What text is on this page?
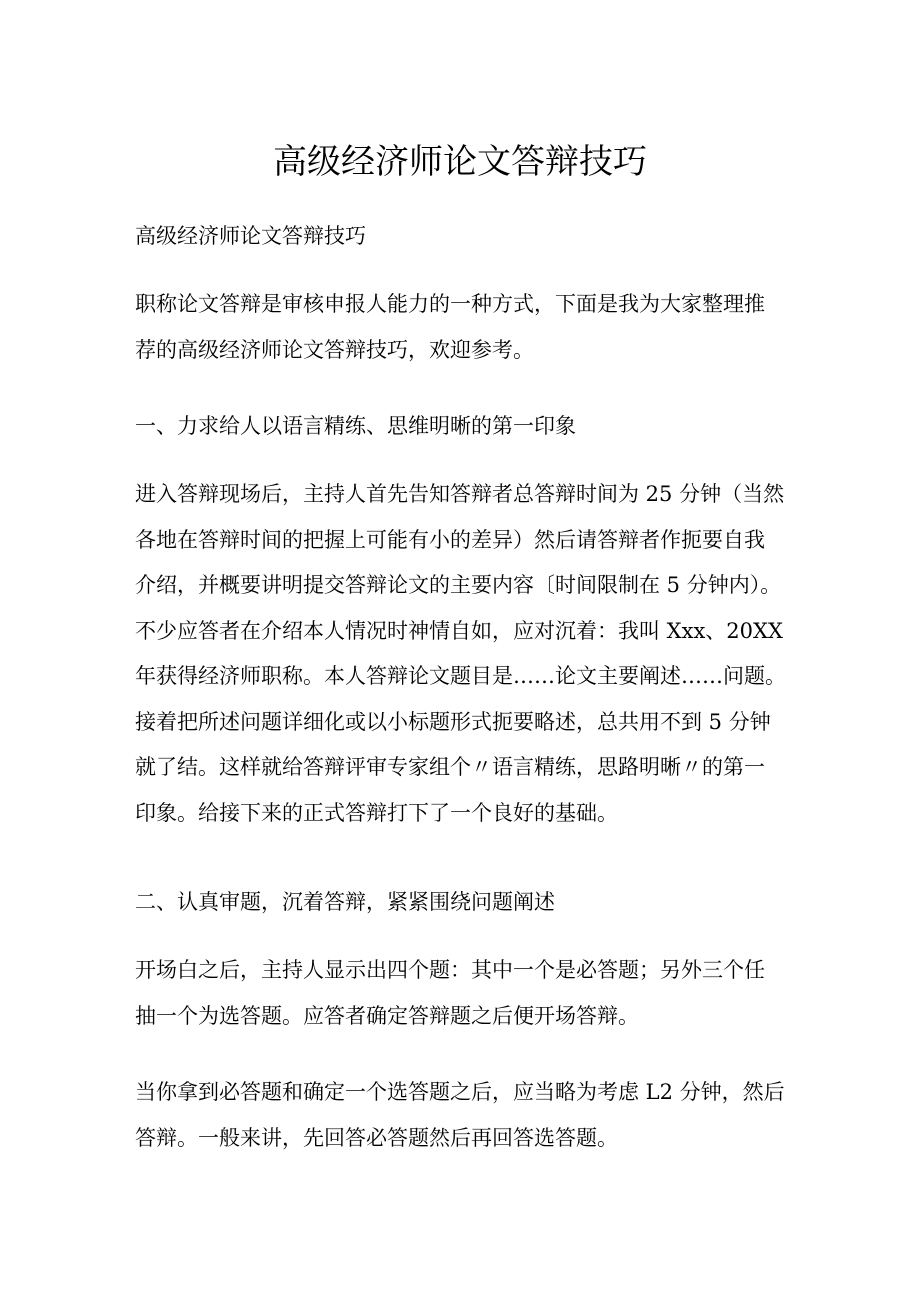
高级经济师论文答辩技巧

高级经济师论文答辩技巧

职称论文答辩是审核申报人能力的一种方式，下面是我为大家整理推
荐的高级经济师论文答辩技巧，欢迎参考。

一、力求给人以语言精练、思维明晰的第一印象

进入答辩现场后，主持人首先告知答辩者总答辩时间为 25 分钟（当然
各地在答辩时间的把握上可能有小的差异）然后请答辩者作扼要自我
介绍，并概要讲明提交答辩论文的主要内容〔时间限制在 5 分钟内）。
不少应答者在介绍本人情况时神情自如，应对沉着：我叫 Xxx、20XX
年获得经济师职称。本人答辩论文题目是……论文主要阐述……问题。
接着把所述问题详细化或以小标题形式扼要略述，总共用不到 5 分钟
就了结。这样就给答辩评审专家组个〃语言精练，思路明晰〃的第一
印象。给接下来的正式答辩打下了一个良好的基础。

二、认真审题，沉着答辩，紧紧围绕问题阐述

开场白之后，主持人显示出四个题：其中一个是必答题；另外三个任
抽一个为选答题。应答者确定答辩题之后便开场答辩。

当你拿到必答题和确定一个选答题之后，应当略为考虑 L2 分钟，然后
答辩。一般来讲，先回答必答题然后再回答选答题。
